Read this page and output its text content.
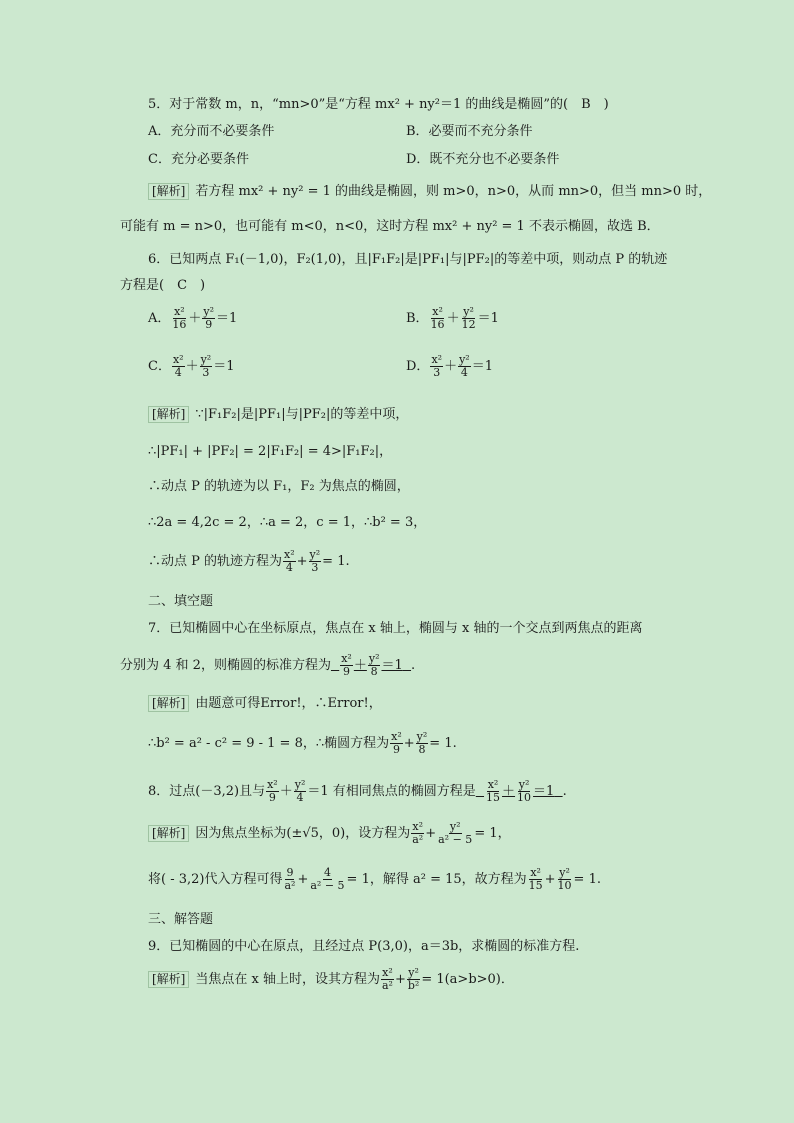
5．对于常数 m，n，“mn>0”是“方程 mx² + ny²＝1 的曲线是椭圆”的(　B　)
A．充分而不必要条件	B．必要而不充分条件
C．充分必要条件	D．既不充分也不必要条件
[解析] 若方程 mx² + ny² = 1 的曲线是椭圆，则 m>0，n>0，从而 mn>0，但当 mn>0 时，
可能有 m = n>0，也可能有 m<0，n<0，这时方程 mx² + ny² = 1 不表示椭圆，故选 B．
6．已知两点 F₁(－1,0)，F₂(1,0)，且|F₁F₂|是|PF₁|与|PF₂|的等差中项，则动点 P 的轨迹
方程是(　C　)
A． $\frac{\text{x²}}{16} + \frac{\text{y²}}{9} =1$	B． $\frac{\text{x²}}{16} + \frac{\text{y²}}{12} =1$
C． $\frac{\text{x²}}{4} + \frac{\text{y²}}{3} =1$	D． $\frac{\text{x²}}{3} + \frac{\text{y²}}{4} =1$
[解析] ∵|F₁F₂|是|PF₁|与|PF₂|的等差中项，
∴|PF₁| + |PF₂| = 2|F₁F₂| = 4>|F₁F₂|，
∴动点 P 的轨迹为以 F₁，F₂ 为焦点的椭圆，
∴2a = 4,2c = 2，∴a = 2，c = 1，∴b² = 3，
∴动点 P 的轨迹方程为 $\frac{\text{x²}}{4} + \frac{\text{y²}}{3} = 1$.
二、填空题
7．已知椭圆中心在坐标原点，焦点在 x 轴上，椭圆与 x 轴的一个交点到两焦点的距离
分别为 4 和 2，则椭圆的标准方程为 $\frac{\text{x²}}{9} + \frac{\text{y²}}{8} =1$ .
[解析] 由题意可得Error!，∴Error!，
∴b² = a² - c² = 9 - 1 = 8，∴椭圆方程为 $\frac{\text{x²}}{9} + \frac{\text{y²}}{8} = 1$.
8．过点(－3,2)且与 $\frac{\text{x²}}{9} + \frac{\text{y²}}{4} =1$ 有相同焦点的椭圆方程是 $\frac{\text{x²}}{15} + \frac{\text{y²}}{10} =1$ .
[解析] 因为焦点坐标为(±√5，0)，设方程为 $\frac{\text{x²}}{\text{a²}} + \frac{\text{y²}}{\text{a² − 5}} = 1$，
将( - 3,2)代入方程可得 $\frac{9}{\text{a²}} + \frac{4}{\text{a² − 5}} = 1$，解得 a² = 15，故方程为 $\frac{\text{x²}}{15} + \frac{\text{y²}}{10} = 1$.
三、解答题
9．已知椭圆的中心在原点，且经过点 P(3,0)，a＝3b，求椭圆的标准方程.
[解析] 当焦点在 x 轴上时，设其方程为 $\frac{\text{x²}}{\text{a²}} + \frac{\text{y²}}{\text{b²}} = 1(a>b>0)$．
